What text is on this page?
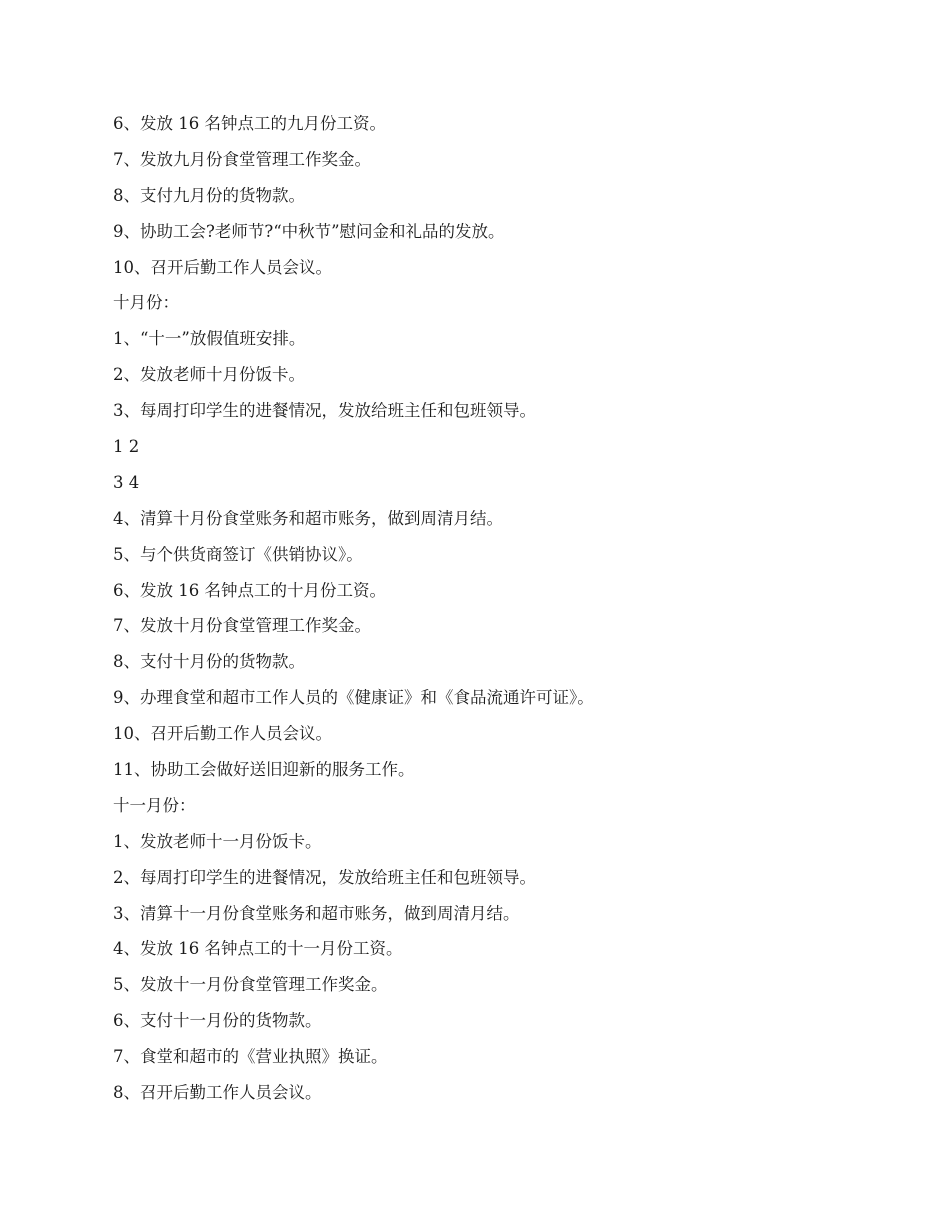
6、发放 16 名钟点工的九月份工资。
7、发放九月份食堂管理工作奖金。
8、支付九月份的货物款。
9、协助工会?老师节?“中秋节”慰问金和礼品的发放。
10、召开后勤工作人员会议。
十月份：
1、“十一”放假值班安排。
2、发放老师十月份饭卡。
3、每周打印学生的进餐情况，发放给班主任和包班领导。
1 2
3 4
4、清算十月份食堂账务和超市账务，做到周清月结。
5、与个供货商签订《供销协议》。
6、发放 16 名钟点工的十月份工资。
7、发放十月份食堂管理工作奖金。
8、支付十月份的货物款。
9、办理食堂和超市工作人员的《健康证》和《食品流通许可证》。
10、召开后勤工作人员会议。
11、协助工会做好送旧迎新的服务工作。
十一月份：
1、发放老师十一月份饭卡。
2、每周打印学生的进餐情况，发放给班主任和包班领导。
3、清算十一月份食堂账务和超市账务，做到周清月结。
4、发放 16 名钟点工的十一月份工资。
5、发放十一月份食堂管理工作奖金。
6、支付十一月份的货物款。
7、食堂和超市的《营业执照》换证。
8、召开后勤工作人员会议。
